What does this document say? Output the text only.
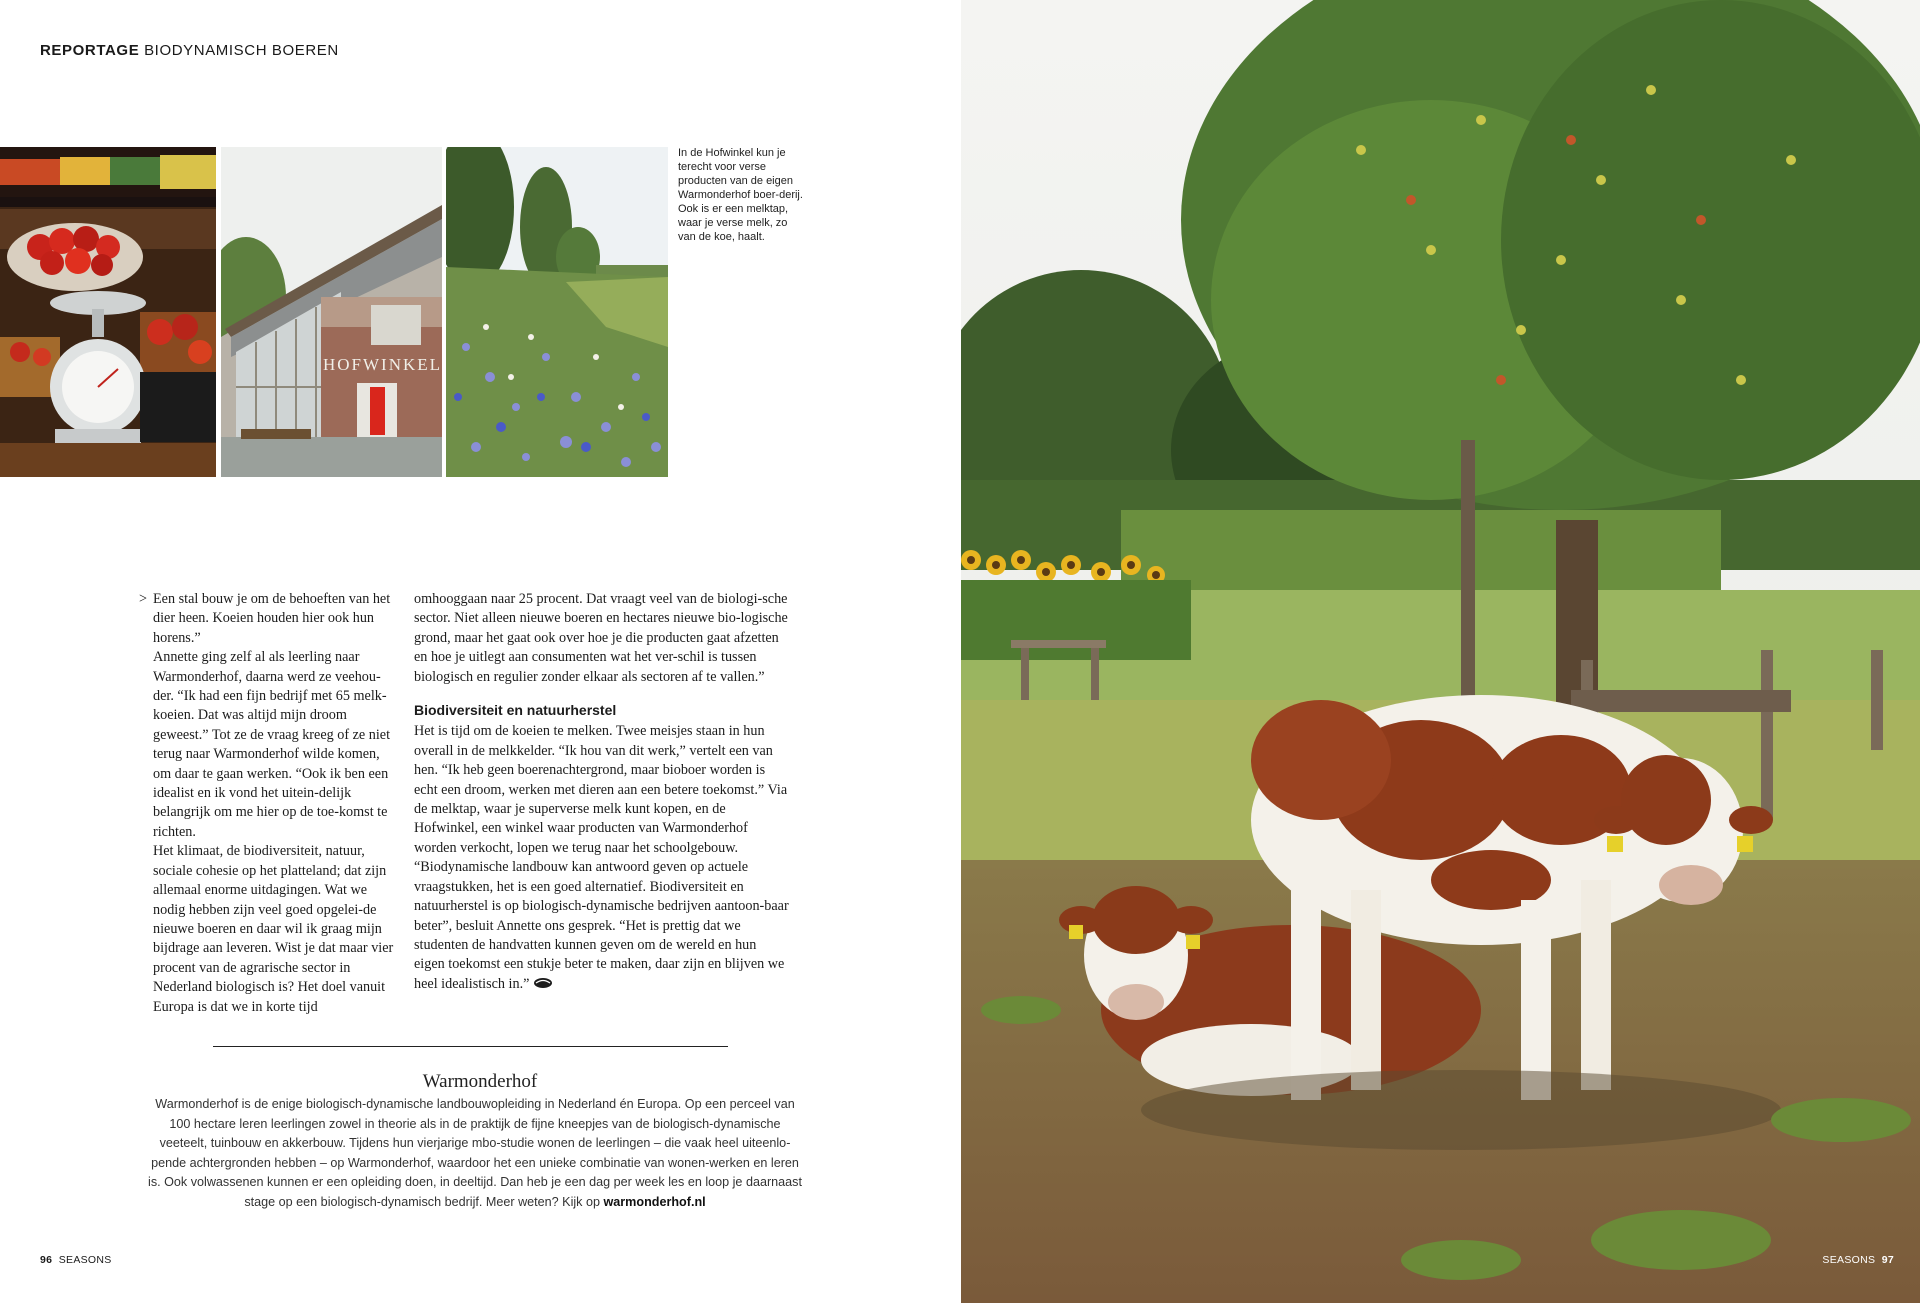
REPORTAGE BIODYNAMISCH BOEREN
HOFWINKEL
In de Hofwinkel kun je terecht voor verse producten van de eigen Warmonderhof boer-derij. Ook is er een melktap, waar je verse melk, zo van de koe, haalt.
> Een stal bouw je om de behoeften van het dier heen. Koeien houden hier ook hun horens.”

Annette ging zelf al als leerling naar Warmonderhof, daarna werd ze veehou-der. “Ik had een fijn bedrijf met 65 melk-koeien. Dat was altijd mijn droom geweest.” Tot ze de vraag kreeg of ze niet terug naar Warmonderhof wilde komen, om daar te gaan werken. “Ook ik ben een idealist en ik vond het uitein-delijk belangrijk om me hier op de toe-komst te richten.

Het klimaat, de biodiversiteit, natuur, sociale cohesie op het platteland; dat zijn allemaal enorme uitdagingen. Wat we nodig hebben zijn veel goed opgelei-de nieuwe boeren en daar wil ik graag mijn bijdrage aan leveren. Wist je dat maar vier procent van de agrarische sector in Nederland biologisch is? Het doel vanuit Europa is dat we in korte tijd

omhooggaan naar 25 procent. Dat vraagt veel van de biologi-sche sector. Niet alleen nieuwe boeren en hectares nieuwe bio-logische grond, maar het gaat ook over hoe je die producten gaat afzetten en hoe je uitlegt aan consumenten wat het ver-schil is tussen biologisch en regulier zonder elkaar als sectoren af te vallen.”

Biodiversiteit en natuurherstel

Het is tijd om de koeien te melken. Twee meisjes staan in hun overall in de melkkelder. “Ik hou van dit werk,” vertelt een van hen. “Ik heb geen boerenachtergrond, maar bioboer worden is echt een droom, werken met dieren aan een betere toekomst.” Via de melktap, waar je superverse melk kunt kopen, en de Hofwinkel, een winkel waar producten van Warmonderhof worden verkocht, lopen we terug naar het schoolgebouw. “Biodynamische landbouw kan antwoord geven op actuele vraagstukken, het is een goed alternatief. Biodiversiteit en natuurherstel is op biologisch-dynamische bedrijven aantoon-baar beter”, besluit Annette ons gesprek. “Het is prettig dat we studenten de handvatten kunnen geven om de wereld en hun eigen toekomst een stukje beter te maken, daar zijn en blijven we heel idealistisch in.”

Warmonderhof
Warmonderhof is de enige biologisch-dynamische landbouwopleiding in Nederland én Europa. Op een perceel van 100 hectare leren leerlingen zowel in theorie als in de praktijk de fijne kneepjes van de biologisch-dynamische veeteelt, tuinbouw en akkerbouw. Tijdens hun vierjarige mbo-studie wonen de leerlingen – die vaak heel uiteenlo-pende achtergronden hebben – op Warmonderhof, waardoor het een unieke combinatie van wonen-werken en leren is. Ook volwassenen kunnen er een opleiding doen, in deeltijd. Dan heb je een dag per week les en loop je daarnaast stage op een biologisch-dynamisch bedrijf. Meer weten? Kijk op warmonderhof.nl
96 SEASONS	SEASONS 97
